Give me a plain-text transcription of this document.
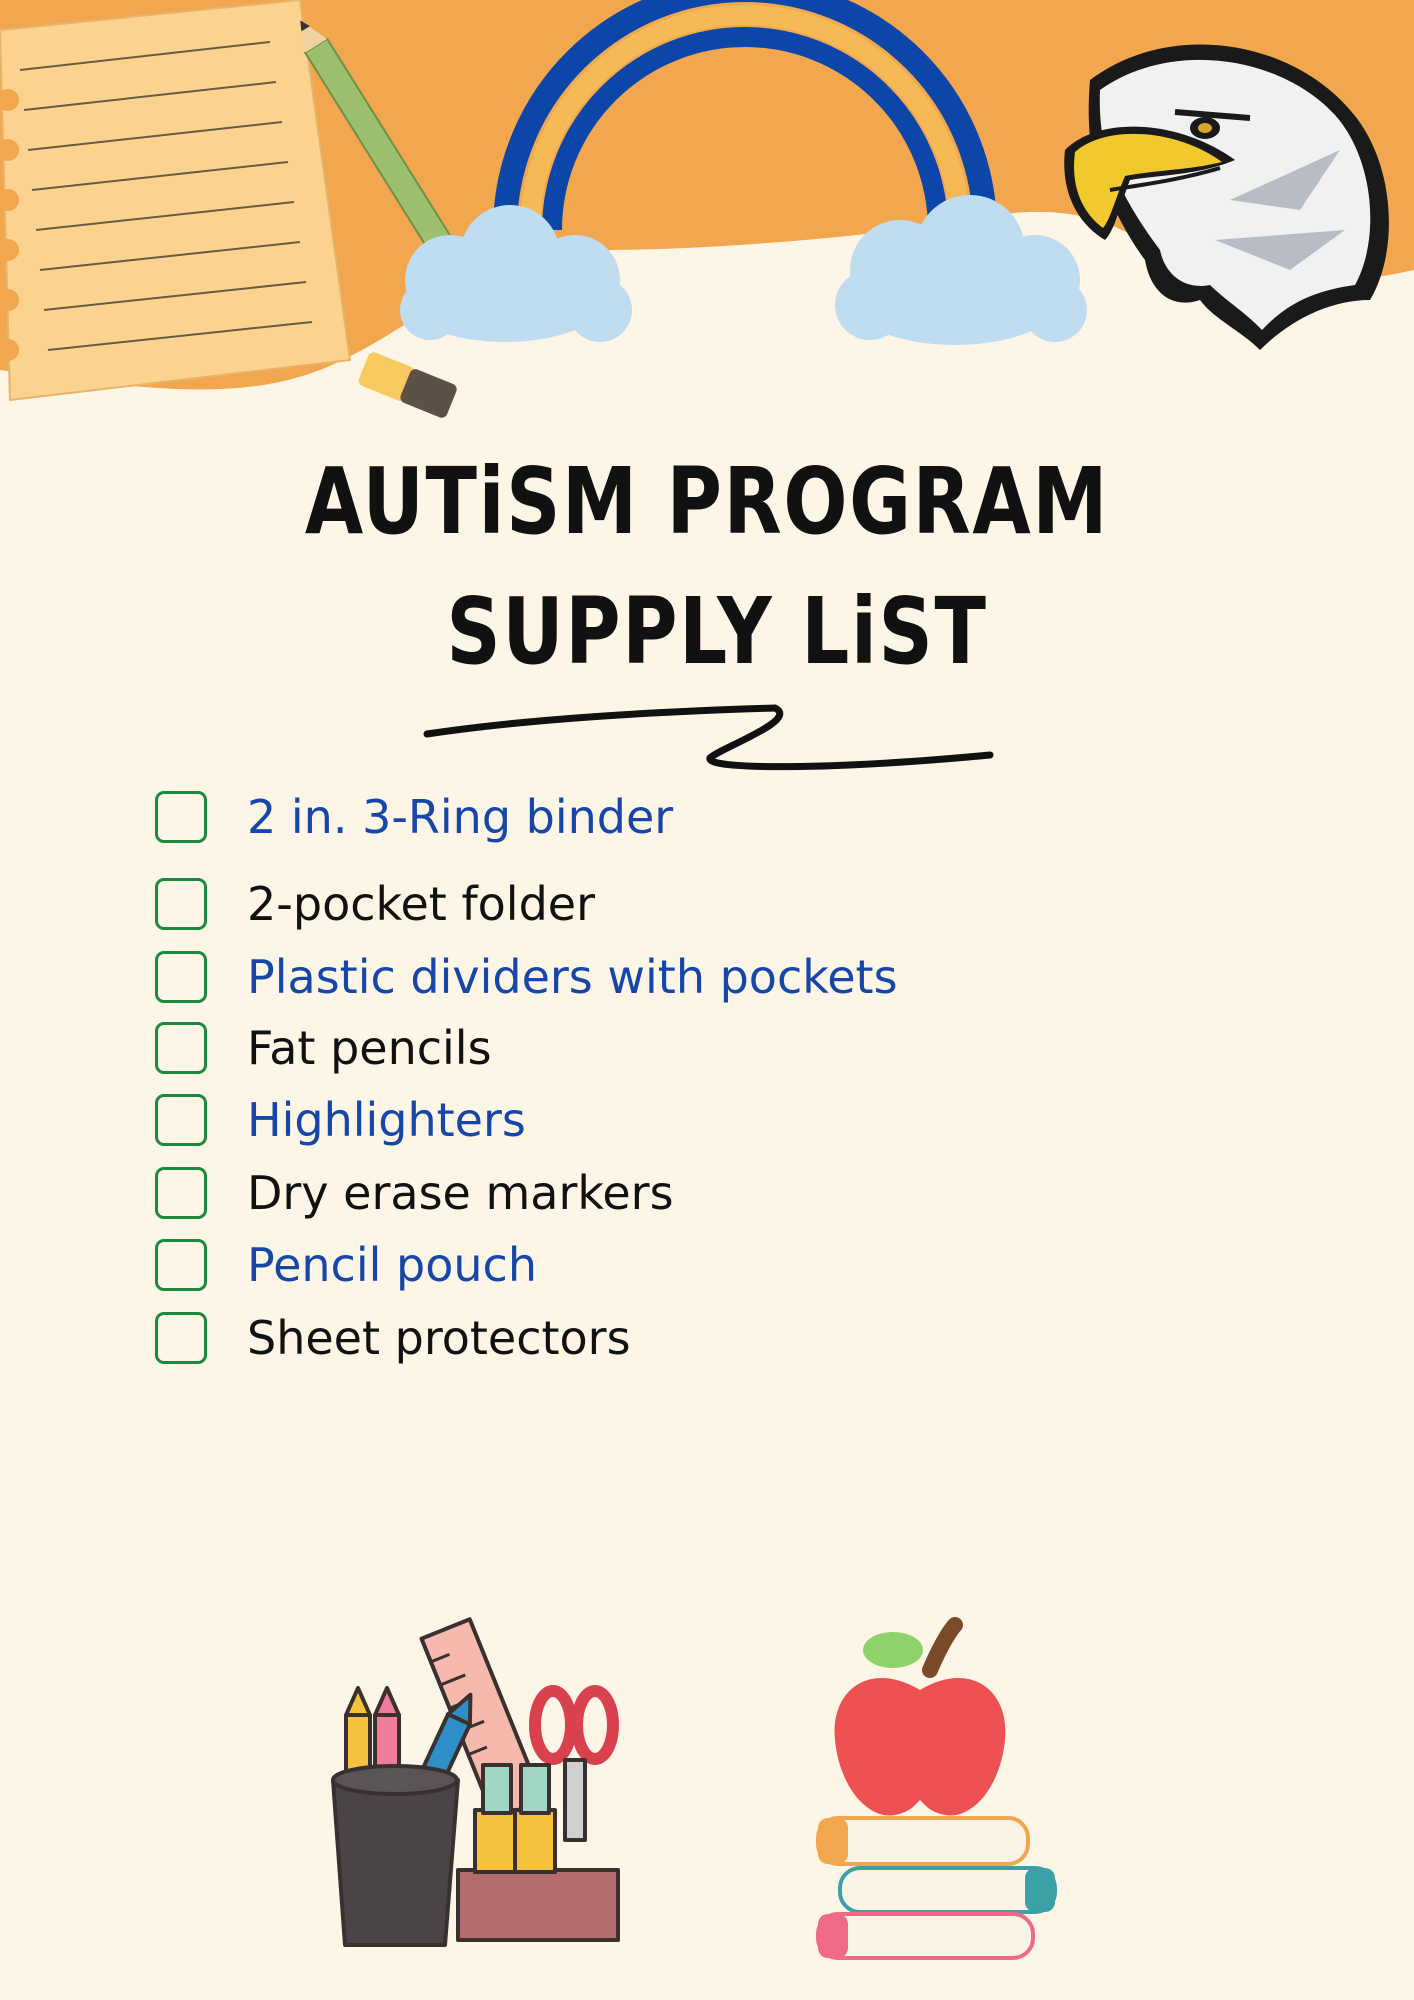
AUTiSM PROGRAM
SUPPLY LiST
2 in. 3-Ring binder
2-pocket folder
Plastic dividers with pockets
Fat pencils
Highlighters
Dry erase markers
Pencil pouch
Sheet protectors
